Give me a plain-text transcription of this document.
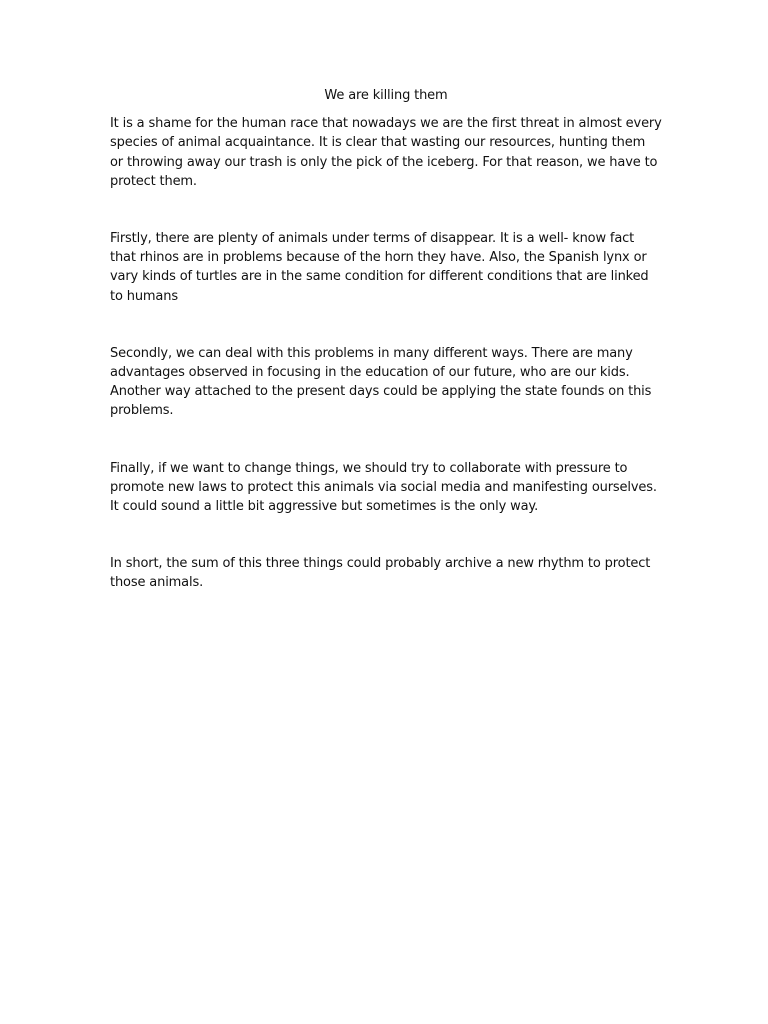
We are killing them

It is a shame for the human race that nowadays we are the first threat in almost every species of animal acquaintance. It is clear that wasting our resources, hunting them or throwing away our trash is only the pick of the iceberg. For that reason, we have to protect them.

Firstly, there are plenty of animals under terms of disappear. It is a well- know fact that rhinos are in problems because of the horn they have. Also, the Spanish lynx or vary kinds of turtles are in the same condition for different conditions that are linked to humans

Secondly, we can deal with this problems in many different ways. There are many advantages observed in focusing in the education of our future, who are our kids. Another way attached to the present days could be applying the state founds on this problems.

Finally, if we want to change things, we should try to collaborate with pressure to promote new laws to protect this animals via social media and manifesting ourselves. It could sound a little bit aggressive but sometimes is the only way.

In short, the sum of this three things could probably archive a new rhythm to protect those animals.
